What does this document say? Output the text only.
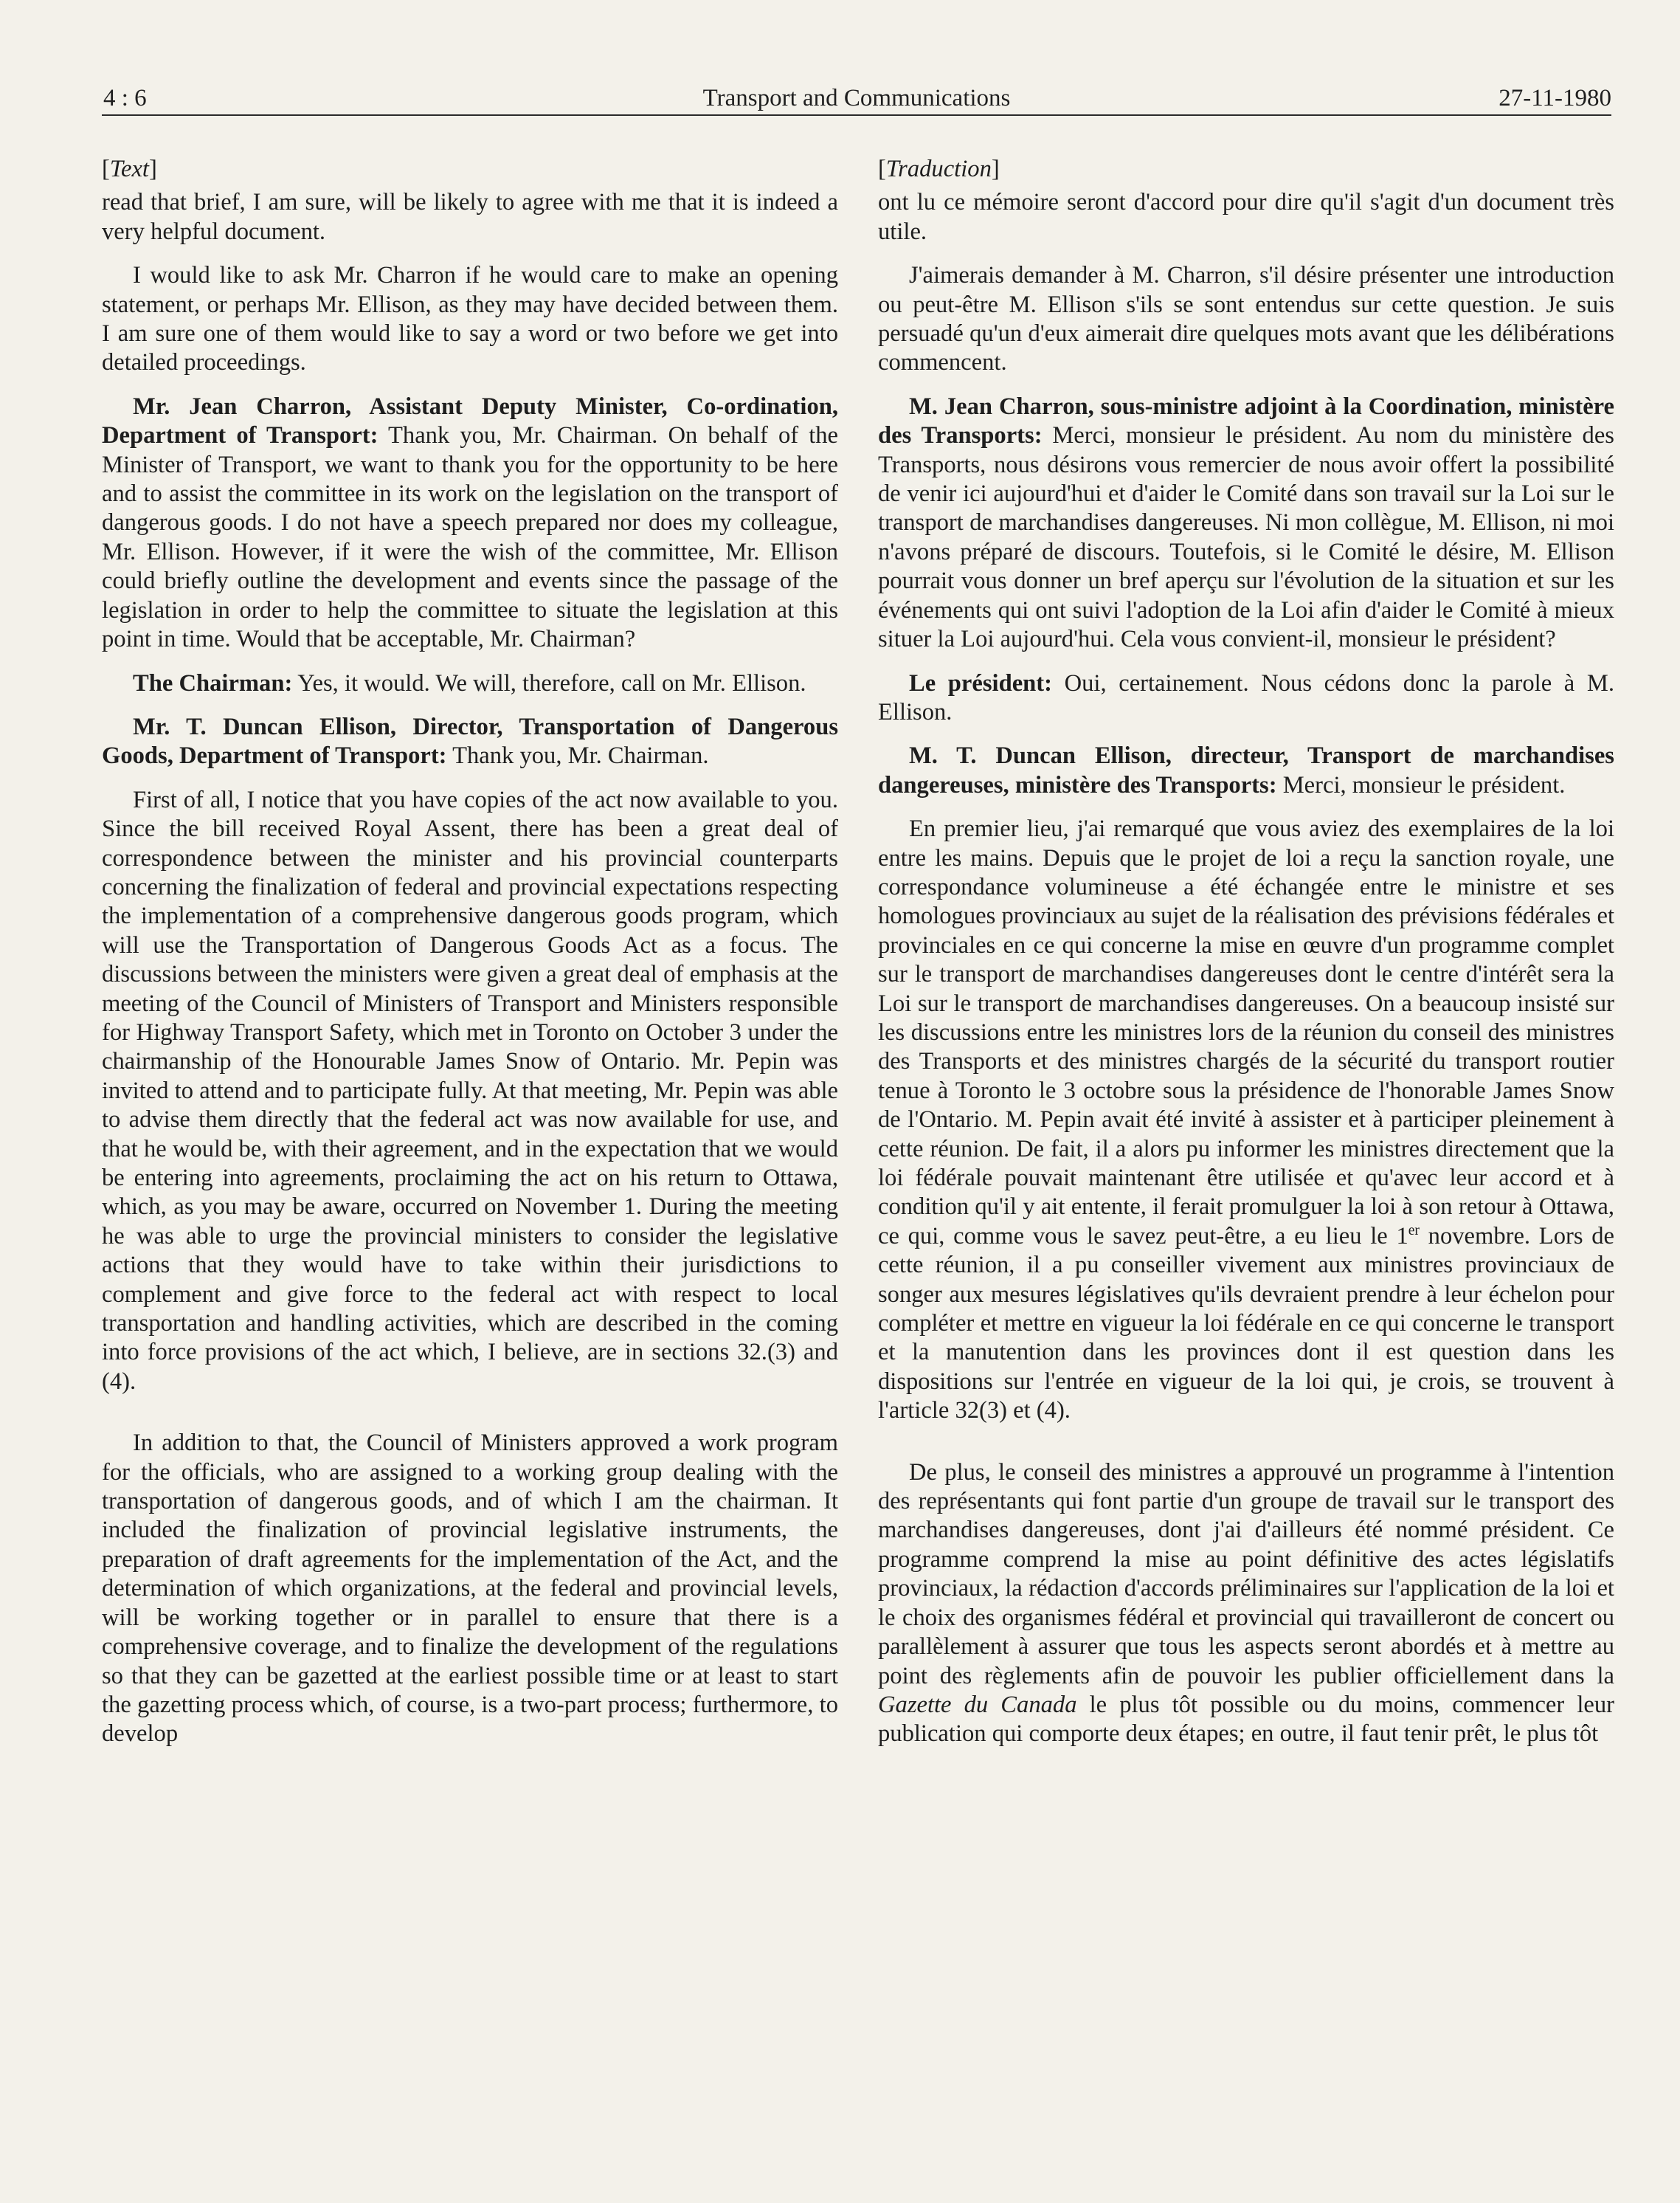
4 : 6	Transport and Communications	27-11-1980
[Text]

read that brief, I am sure, will be likely to agree with me that it is indeed a very helpful document.

I would like to ask Mr. Charron if he would care to make an opening statement, or perhaps Mr. Ellison, as they may have decided between them. I am sure one of them would like to say a word or two before we get into detailed proceedings.

Mr. Jean Charron, Assistant Deputy Minister, Co-ordination, Department of Transport: Thank you, Mr. Chairman. On behalf of the Minister of Transport, we want to thank you for the opportunity to be here and to assist the committee in its work on the legislation on the transport of dangerous goods. I do not have a speech prepared nor does my colleague, Mr. Ellison. However, if it were the wish of the committee, Mr. Ellison could briefly outline the development and events since the passage of the legislation in order to help the committee to situate the legislation at this point in time. Would that be acceptable, Mr. Chairman?

The Chairman: Yes, it would. We will, therefore, call on Mr. Ellison.

Mr. T. Duncan Ellison, Director, Transportation of Dangerous Goods, Department of Transport: Thank you, Mr. Chairman.

First of all, I notice that you have copies of the act now available to you. Since the bill received Royal Assent, there has been a great deal of correspondence between the minister and his provincial counterparts concerning the finalization of federal and provincial expectations respecting the implementation of a comprehensive dangerous goods program, which will use the Transportation of Dangerous Goods Act as a focus. The discussions between the ministers were given a great deal of emphasis at the meeting of the Council of Ministers of Transport and Ministers responsible for Highway Transport Safety, which met in Toronto on October 3 under the chairmanship of the Honourable James Snow of Ontario. Mr. Pepin was invited to attend and to participate fully. At that meeting, Mr. Pepin was able to advise them directly that the federal act was now available for use, and that he would be, with their agreement, and in the expectation that we would be entering into agreements, proclaiming the act on his return to Ottawa, which, as you may be aware, occurred on November 1. During the meeting he was able to urge the provincial ministers to consider the legislative actions that they would have to take within their jurisdictions to complement and give force to the federal act with respect to local transportation and handling activities, which are described in the coming into force provisions of the act which, I believe, are in sections 32.(3) and (4).

In addition to that, the Council of Ministers approved a work program for the officials, who are assigned to a working group dealing with the transportation of dangerous goods, and of which I am the chairman. It included the finalization of provincial legislative instruments, the preparation of draft agreements for the implementation of the Act, and the determination of which organizations, at the federal and provincial levels, will be working together or in parallel to ensure that there is a comprehensive coverage, and to finalize the development of the regulations so that they can be gazetted at the earliest possible time or at least to start the gazetting process which, of course, is a two-part process; furthermore, to develop

[Traduction]

ont lu ce mémoire seront d'accord pour dire qu'il s'agit d'un document très utile.

J'aimerais demander à M. Charron, s'il désire présenter une introduction ou peut-être M. Ellison s'ils se sont entendus sur cette question. Je suis persuadé qu'un d'eux aimerait dire quelques mots avant que les délibérations commencent.

M. Jean Charron, sous-ministre adjoint à la Coordination, ministère des Transports: Merci, monsieur le président. Au nom du ministère des Transports, nous désirons vous remercier de nous avoir offert la possibilité de venir ici aujourd'hui et d'aider le Comité dans son travail sur la Loi sur le transport de marchandises dangereuses. Ni mon collègue, M. Ellison, ni moi n'avons préparé de discours. Toutefois, si le Comité le désire, M. Ellison pourrait vous donner un bref aperçu sur l'évolution de la situation et sur les événements qui ont suivi l'adoption de la Loi afin d'aider le Comité à mieux situer la Loi aujourd'hui. Cela vous convient-il, monsieur le président?

Le président: Oui, certainement. Nous cédons donc la parole à M. Ellison.

M. T. Duncan Ellison, directeur, Transport de marchandises dangereuses, ministère des Transports: Merci, monsieur le président.

En premier lieu, j'ai remarqué que vous aviez des exemplaires de la loi entre les mains. Depuis que le projet de loi a reçu la sanction royale, une correspondance volumineuse a été échangée entre le ministre et ses homologues provinciaux au sujet de la réalisation des prévisions fédérales et provinciales en ce qui concerne la mise en œuvre d'un programme complet sur le transport de marchandises dangereuses dont le centre d'intérêt sera la Loi sur le transport de marchandises dangereuses. On a beaucoup insisté sur les discussions entre les ministres lors de la réunion du conseil des ministres des Transports et des ministres chargés de la sécurité du transport routier tenue à Toronto le 3 octobre sous la présidence de l'honorable James Snow de l'Ontario. M. Pepin avait été invité à assister et à participer pleinement à cette réunion. De fait, il a alors pu informer les ministres directement que la loi fédérale pouvait maintenant être utilisée et qu'avec leur accord et à condition qu'il y ait entente, il ferait promulguer la loi à son retour à Ottawa, ce qui, comme vous le savez peut-être, a eu lieu le 1er novembre. Lors de cette réunion, il a pu conseiller vivement aux ministres provinciaux de songer aux mesures législatives qu'ils devraient prendre à leur échelon pour compléter et mettre en vigueur la loi fédérale en ce qui concerne le transport et la manutention dans les provinces dont il est question dans les dispositions sur l'entrée en vigueur de la loi qui, je crois, se trouvent à l'article 32(3) et (4).

De plus, le conseil des ministres a approuvé un programme à l'intention des représentants qui font partie d'un groupe de travail sur le transport des marchandises dangereuses, dont j'ai d'ailleurs été nommé président. Ce programme comprend la mise au point définitive des actes législatifs provinciaux, la rédaction d'accords préliminaires sur l'application de la loi et le choix des organismes fédéral et provincial qui travailleront de concert ou parallèlement à assurer que tous les aspects seront abordés et à mettre au point des règlements afin de pouvoir les publier officiellement dans la Gazette du Canada le plus tôt possible ou du moins, commencer leur publication qui comporte deux étapes; en outre, il faut tenir prêt, le plus tôt
